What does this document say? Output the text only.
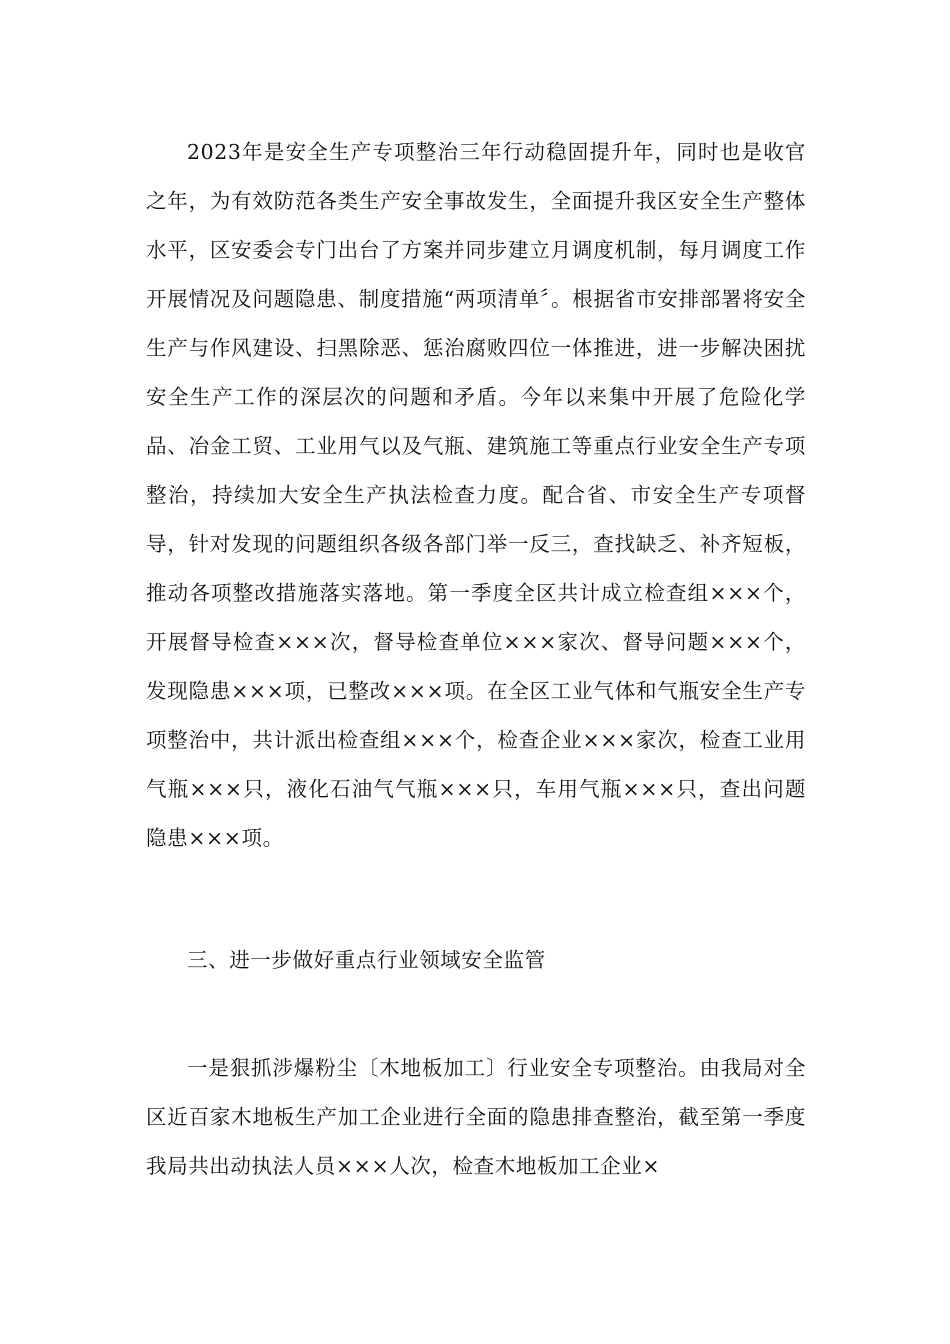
2023年是安全生产专项整治三年行动稳固提升年，同时也是收官之年，为有效防范各类生产安全事故发生，全面提升我区安全生产整体水平，区安委会专门出台了方案并同步建立月调度机制，每月调度工作开展情况及问题隐患、制度措施“两项清单〞。根据省市安排部署将安全生产与作风建设、扫黑除恶、惩治腐败四位一体推进，进一步解决困扰安全生产工作的深层次的问题和矛盾。今年以来集中开展了危险化学品、冶金工贸、工业用气以及气瓶、建筑施工等重点行业安全生产专项整治，持续加大安全生产执法检查力度。配合省、市安全生产专项督导，针对发现的问题组织各级各部门举一反三，查找缺乏、补齐短板，推动各项整改措施落实落地。第一季度全区共计成立检查组×××个，开展督导检查×××次，督导检查单位×××家次、督导问题×××个，发现隐患×××项，已整改×××项。在全区工业气体和气瓶安全生产专项整治中，共计派出检查组×××个，检查企业×××家次，检查工业用气瓶×××只，液化石油气气瓶×××只，车用气瓶×××只，查出问题隐患×××项。

三、进一步做好重点行业领域安全监管

一是狠抓涉爆粉尘〔木地板加工〕行业安全专项整治。由我局对全区近百家木地板生产加工企业进行全面的隐患排查整治，截至第一季度我局共出动执法人员×××人次，检查木地板加工企业×
